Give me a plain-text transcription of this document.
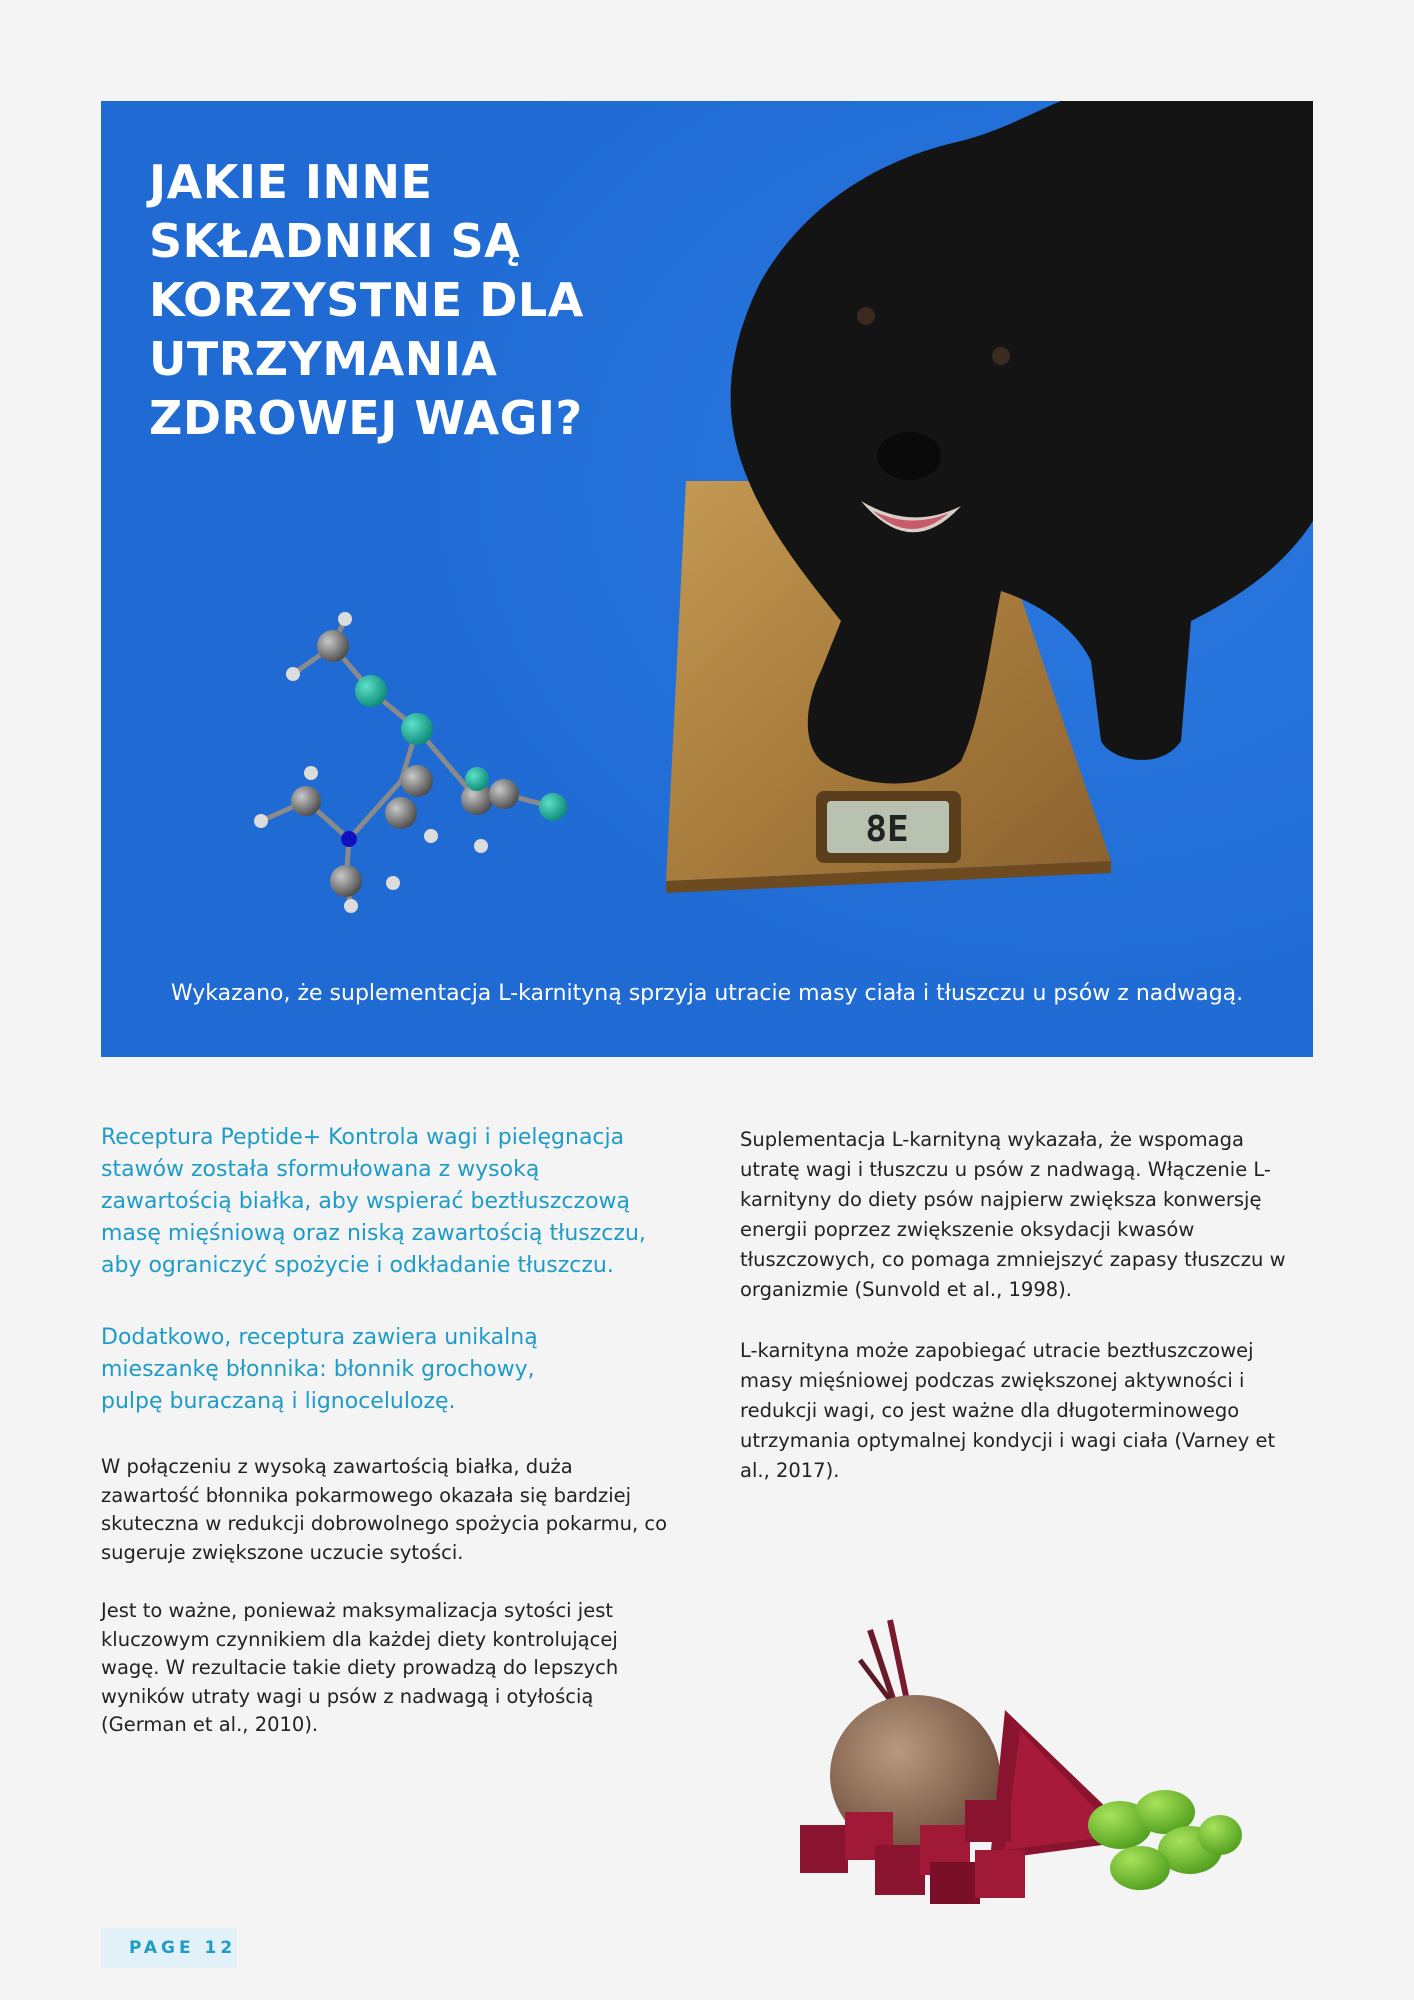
8E
JAKIE INNE SKŁADNIKI SĄ KORZYSTNE DLA UTRZYMANIA ZDROWEJ WAGI?
Wykazano, że suplementacja L-karnityną sprzyja utracie masy ciała i tłuszczu u psów z nadwagą.

Receptura Peptide+ Kontrola wagi i pielęgnacja stawów została sformułowana z wysoką zawartością białka, aby wspierać beztłuszczową masę mięśniową oraz niską zawartością tłuszczu, aby ograniczyć spożycie i odkładanie tłuszczu.

Dodatkowo, receptura zawiera unikalną mieszankę błonnika: błonnik grochowy, pulpę buraczaną i lignocelulozę.

W połączeniu z wysoką zawartością białka, duża zawartość błonnika pokarmowego okazała się bardziej skuteczna w redukcji dobrowolnego spożycia pokarmu, co sugeruje zwiększone uczucie sytości.

Jest to ważne, ponieważ maksymalizacja sytości jest kluczowym czynnikiem dla każdej diety kontrolującej wagę. W rezultacie takie diety prowadzą do lepszych wyników utraty wagi u psów z nadwagą i otyłością (German et al., 2010).

Suplementacja L-karnityną wykazała, że wspomaga utratę wagi i tłuszczu u psów z nadwagą. Włączenie L-karnityny do diety psów najpierw zwiększa konwersję energii poprzez zwiększenie oksydacji kwasów tłuszczowych, co pomaga zmniejszyć zapasy tłuszczu w organizmie (Sunvold et al., 1998).

L-karnityna może zapobiegać utracie beztłuszczowej masy mięśniowej podczas zwiększonej aktywności i redukcji wagi, co jest ważne dla długoterminowego utrzymania optymalnej kondycji i wagi ciała (Varney et al., 2017).

PAGE 12
